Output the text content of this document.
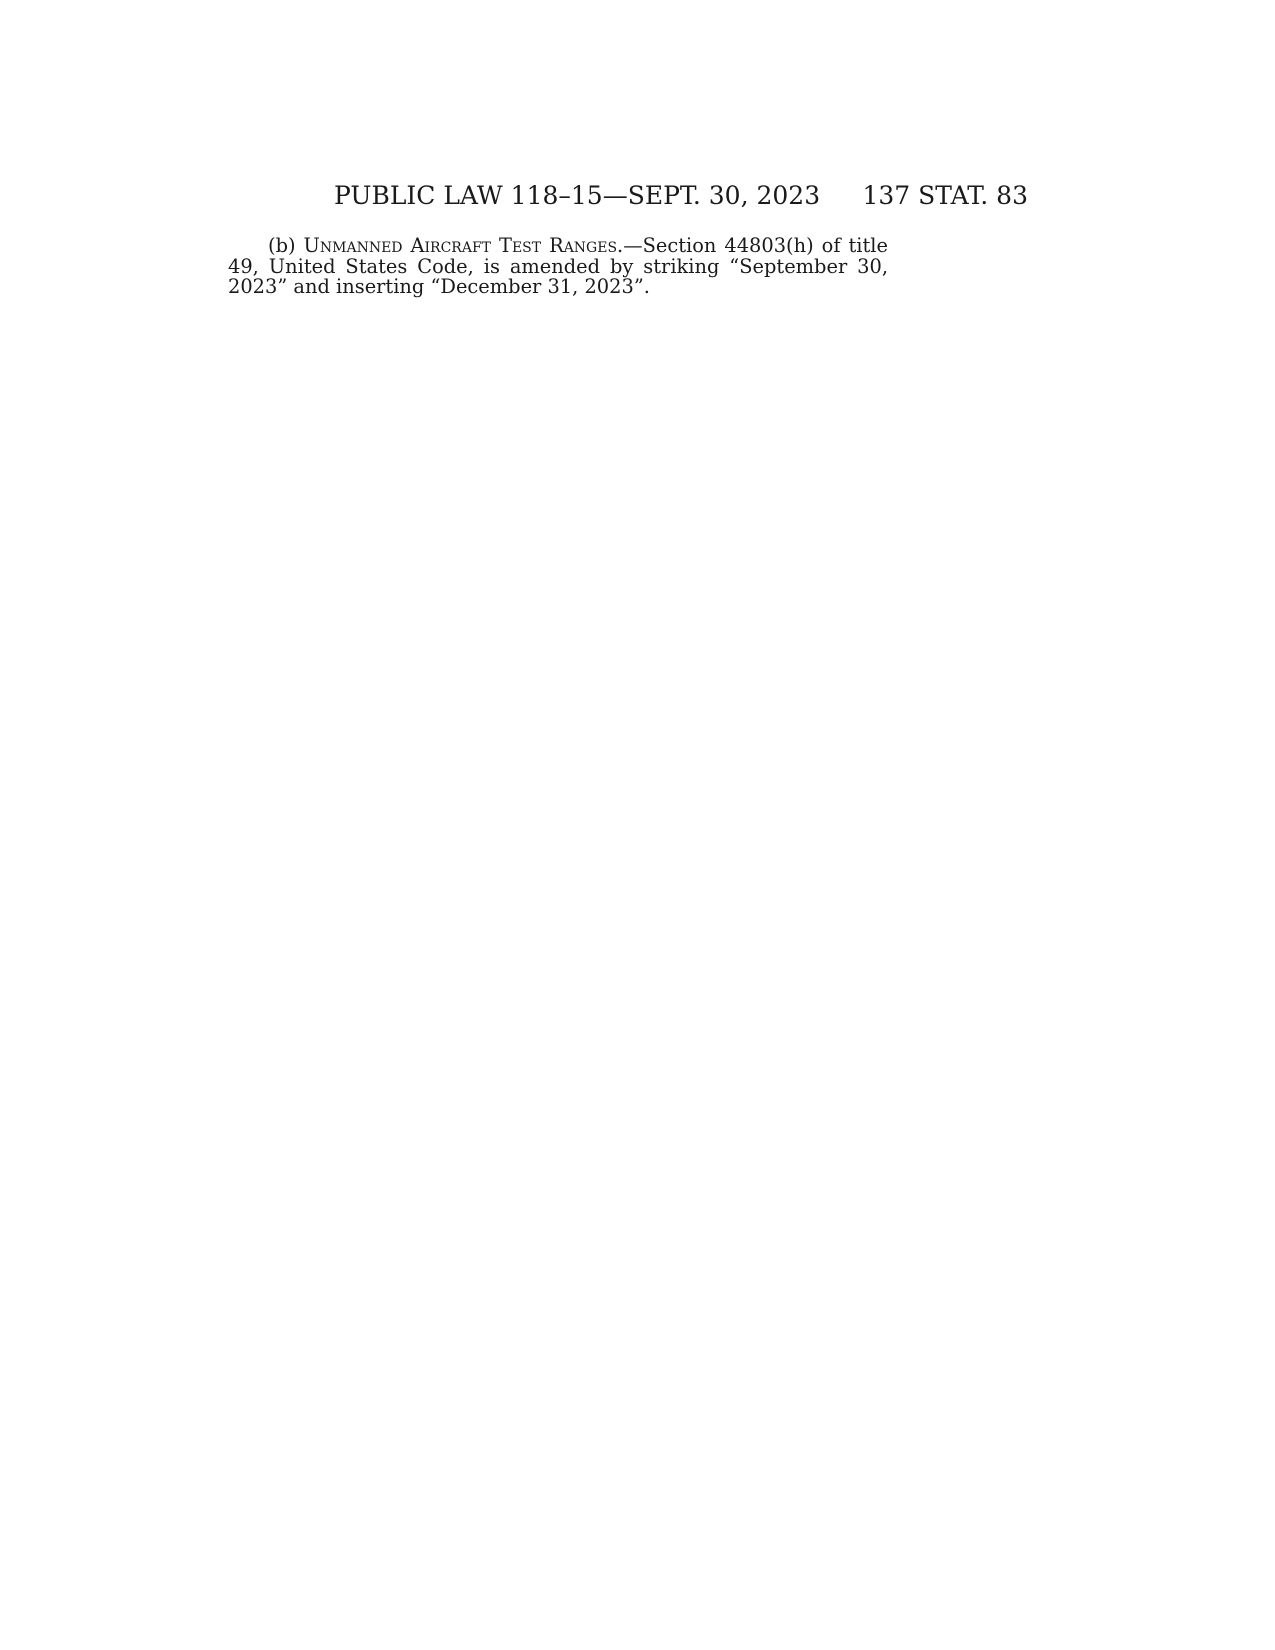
PUBLIC LAW 118–15—SEPT. 30, 2023 137 STAT. 83

(b) Unmanned Aircraft Test Ranges.—Section 44803(h) of title 49, United States Code, is amended by striking “September 30, 2023” and inserting “December 31, 2023”.
